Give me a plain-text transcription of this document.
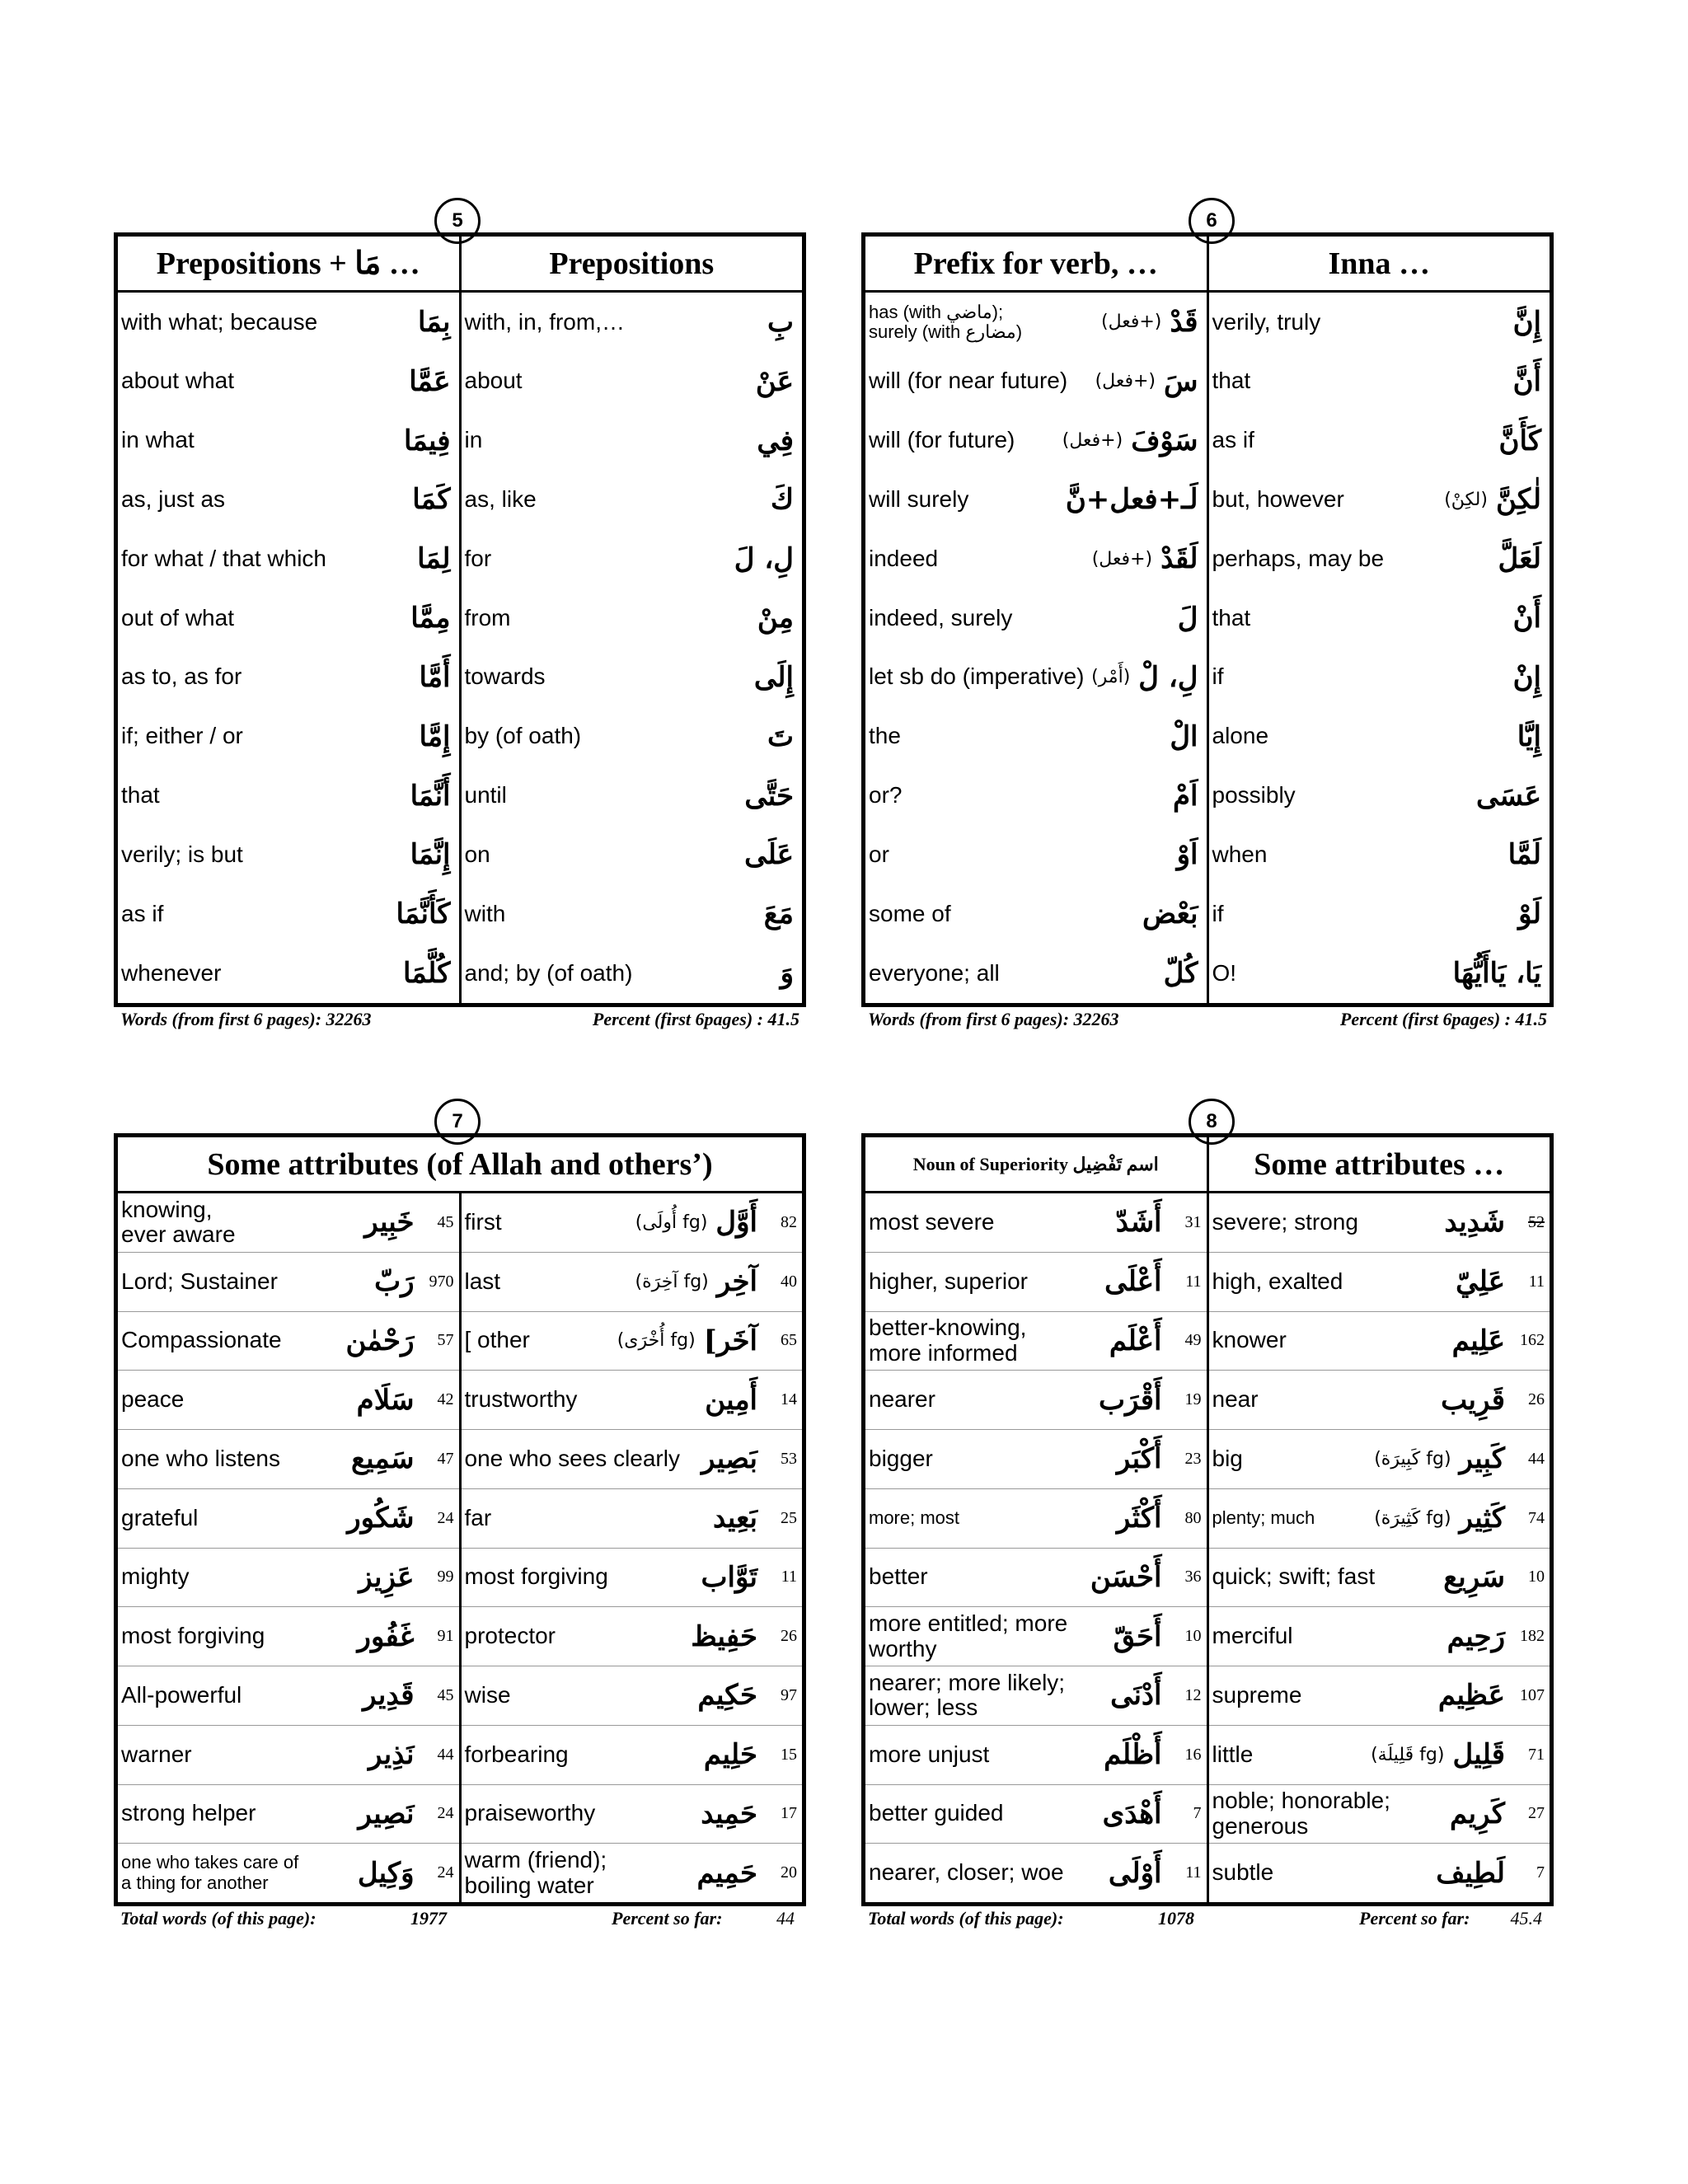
5
Prepositions + مَا …
with what; because	بِمَا
about what	عَمَّا
in what	فِيمَا
as, just as	كَمَا
for what / that which	لِمَا
out of what	مِمَّا
as to, as for	أَمَّا
if; either / or	إِمَّا
that	أَنَّمَا
verily; is but	إِنَّمَا
as if	كَأَنَّمَا
whenever	كُلَّمَا
Prepositions
with, in, from,…	بِ
about	عَنْ
in	فِي
as, like	كَ
for	لِ، لَ
from	مِنْ
towards	إِلَى
by (of oath)	تَ
until	حَتَّى
on	عَلَى
with	مَعَ
and; by (of oath)	وَ
Words (from first 6 pages): 32263	Percent (first 6pages) : 41.5
6
Prefix for verb, …
has (with ماضي);
surely (with مضارع)	(+فعل) قَدْ
will (for near future)	(+فعل) سَ
will (for future)	(+فعل) سَوْفَ
will surely	لَـ+فعل+نَّ
indeed	(+فعل) لَقَدْ
indeed, surely	لَ
let sb do (imperative) (أَمْر) لِ، لْ
the	الْ
or?	اَمْ
or	اَوْ
some of	بَعْض
everyone; all	كُلّ
Inna …
verily, truly	إِنَّ
that	أَنَّ
as if	كَأَنَّ
but, however	(لكِنْ) لٰكِنَّ
perhaps, may be	لَعَلَّ
that	أَنْ
if	إِنْ
alone	إِيَّا
possibly	عَسَى
when	لَمَّا
if	لَوْ
O!	يَا، يَاأَيُّهَا
Words (from first 6 pages): 32263	Percent (first 6pages) : 41.5
7
Some attributes (of Allah and others’)
knowing,
ever aware	خَبِير	45
Lord; Sustainer	رَبّ 970
Compassionate	رَحْمٰن	57
peace	سَلَام	42
one who listens	سَمِيع	47
grateful	شَكُور	24
mighty	عَزِيز	99
most forgiving	غَفُور	91
All-powerful	قَدِير	45
warner	نَذِير	44
strong helper	نَصِير	24
one who takes care of
a thing for another	وَكِيل	24
first	(fg أُولَى) أَوَّل	82
last	(fg آخِرَة) آخِر	40
[ other	(fg أُخْرَى) آخَر]	65
trustworthy	أَمِين	14
one who sees clearly بَصِير	53
far	بَعِيد	25
most forgiving	تَوَّاب	11
protector	حَفِيظ	26
wise	حَكِيم	97
forbearing	حَلِيم	15
praiseworthy	حَمِيد	17
warm (friend);
boiling water	حَمِيم	20
Total words (of this page):	1977	Percent so far:	44
8
Noun of Superiority اسم تَفْضِيل
most severe	أَشَدّ	31
higher, superior	أَعْلَى	11
better-knowing,
more informed	أَعْلَم	49
nearer	أَقْرَب	19
bigger	أَكْبَر	23
more; most	أَكْثَر	80
better	أَحْسَن	36
more entitled; more
worthy	أَحَقّ	10
nearer; more likely;
lower; less	أَدْنَى	12
more unjust	أَظْلَم	16
better guided	أَهْدَى	7
nearer, closer; woe	أَوْلَى	11
Some attributes …
severe; strong	شَدِيد	52
high, exalted	عَلِيّ	11
knower	عَلِيم 162
near	قَرِيب	26
big	(fg كَبِيرَة) كَبِير	44
plenty; much	(fg كَثِيرَة) كَثِير	74
quick; swift; fast	سَرِيع	10
merciful	رَحِيم 182
supreme	عَظِيم 107
little	(fg قَلِيلَة) قَلِيل	71
noble; honorable;
generous	كَرِيم	27
subtle	لَطِيف	7
Total words (of this page):	1078	Percent so far: 45.4
